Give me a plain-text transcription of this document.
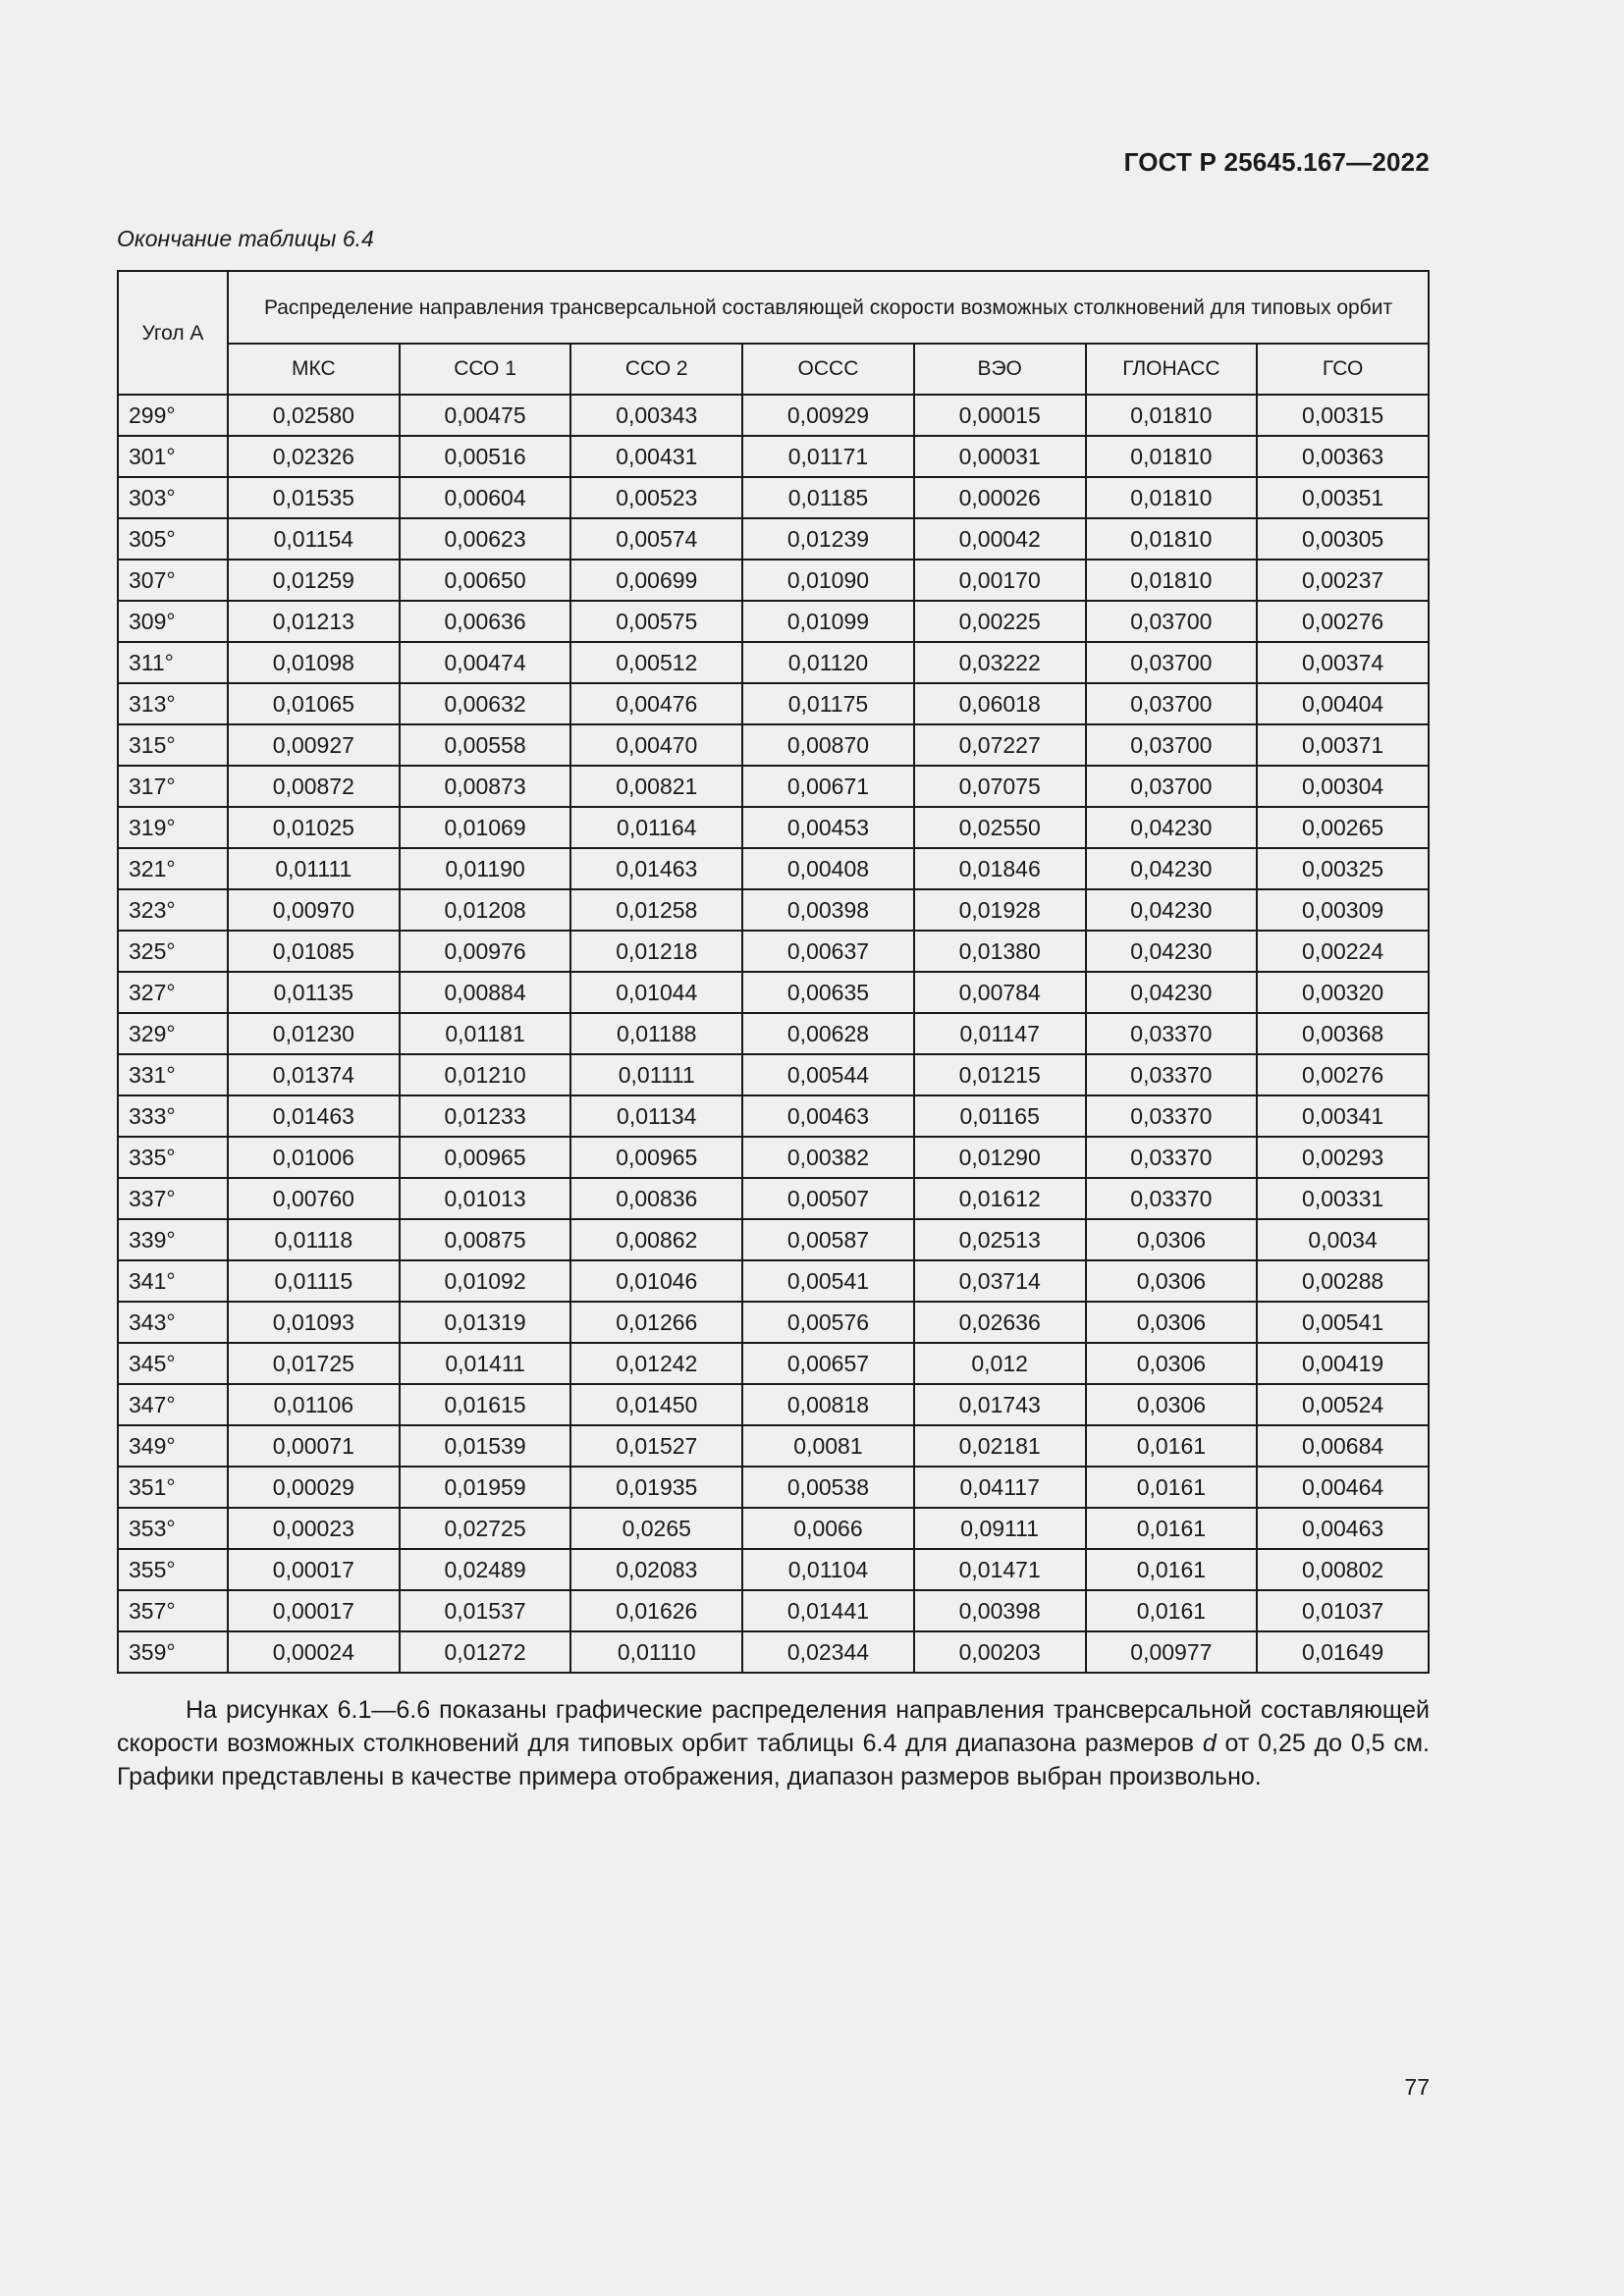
ГОСТ Р 25645.167—2022
Окончание таблицы 6.4
Угол А	Распределение направления трансверсальной составляющей скорости возможных столкновений для типовых орбит						
	МКС	ССО 1	ССО 2	ОССС	ВЭО	ГЛОНАСС	ГСО
299°	0,02580	0,00475	0,00343	0,00929	0,00015	0,01810	0,00315
301°	0,02326	0,00516	0,00431	0,01171	0,00031	0,01810	0,00363
303°	0,01535	0,00604	0,00523	0,01185	0,00026	0,01810	0,00351
305°	0,01154	0,00623	0,00574	0,01239	0,00042	0,01810	0,00305
307°	0,01259	0,00650	0,00699	0,01090	0,00170	0,01810	0,00237
309°	0,01213	0,00636	0,00575	0,01099	0,00225	0,03700	0,00276
311°	0,01098	0,00474	0,00512	0,01120	0,03222	0,03700	0,00374
313°	0,01065	0,00632	0,00476	0,01175	0,06018	0,03700	0,00404
315°	0,00927	0,00558	0,00470	0,00870	0,07227	0,03700	0,00371
317°	0,00872	0,00873	0,00821	0,00671	0,07075	0,03700	0,00304
319°	0,01025	0,01069	0,01164	0,00453	0,02550	0,04230	0,00265
321°	0,01111	0,01190	0,01463	0,00408	0,01846	0,04230	0,00325
323°	0,00970	0,01208	0,01258	0,00398	0,01928	0,04230	0,00309
325°	0,01085	0,00976	0,01218	0,00637	0,01380	0,04230	0,00224
327°	0,01135	0,00884	0,01044	0,00635	0,00784	0,04230	0,00320
329°	0,01230	0,01181	0,01188	0,00628	0,01147	0,03370	0,00368
331°	0,01374	0,01210	0,01111	0,00544	0,01215	0,03370	0,00276
333°	0,01463	0,01233	0,01134	0,00463	0,01165	0,03370	0,00341
335°	0,01006	0,00965	0,00965	0,00382	0,01290	0,03370	0,00293
337°	0,00760	0,01013	0,00836	0,00507	0,01612	0,03370	0,00331
339°	0,01118	0,00875	0,00862	0,00587	0,02513	0,0306	0,0034
341°	0,01115	0,01092	0,01046	0,00541	0,03714	0,0306	0,00288
343°	0,01093	0,01319	0,01266	0,00576	0,02636	0,0306	0,00541
345°	0,01725	0,01411	0,01242	0,00657	0,012	0,0306	0,00419
347°	0,01106	0,01615	0,01450	0,00818	0,01743	0,0306	0,00524
349°	0,00071	0,01539	0,01527	0,0081	0,02181	0,0161	0,00684
351°	0,00029	0,01959	0,01935	0,00538	0,04117	0,0161	0,00464
353°	0,00023	0,02725	0,0265	0,0066	0,09111	0,0161	0,00463
355°	0,00017	0,02489	0,02083	0,01104	0,01471	0,0161	0,00802
357°	0,00017	0,01537	0,01626	0,01441	0,00398	0,0161	0,01037
359°	0,00024	0,01272	0,01110	0,02344	0,00203	0,00977	0,01649

На рисунках 6.1—6.6 показаны графические распределения направления трансверсальной составляющей скорости возможных столкновений для типовых орбит таблицы 6.4 для диапазона размеров d от 0,25 до 0,5 см. Графики представлены в качестве примера отображения, диапазон размеров выбран произвольно.

77
